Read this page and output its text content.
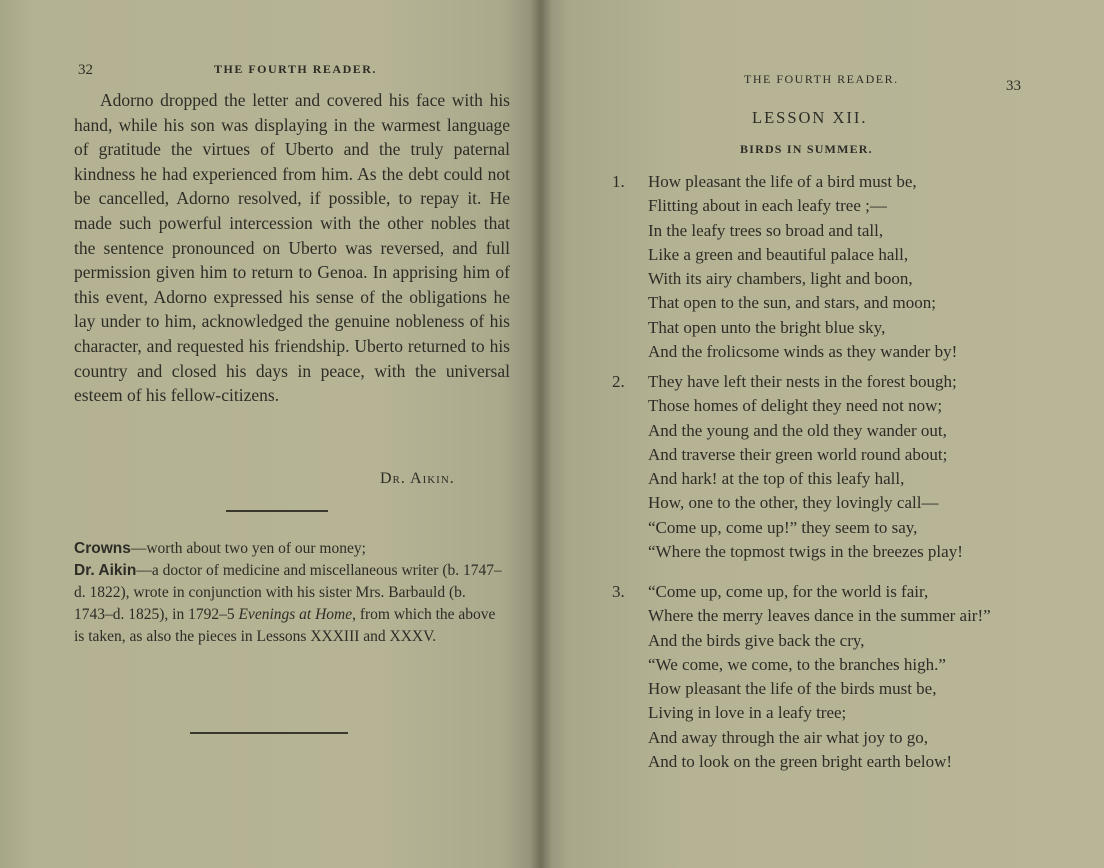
32	THE FOURTH READER.

Adorno dropped the letter and covered his face with his hand, while his son was displaying in the warmest language of gratitude the virtues of Uberto and the truly paternal kindness he had experienced from him. As the debt could not be cancelled, Adorno resolved, if possible, to repay it. He made such powerful intercession with the other nobles that the sentence pronounced on Uberto was reversed, and full permission given him to return to Genoa. In apprising him of this event, Adorno expressed his sense of the obligations he lay under to him, acknowledged the genuine nobleness of his character, and requested his friendship. Uberto returned to his country and closed his days in peace, with the universal esteem of his fellow-citizens.

Dr. Aikin.

Crowns—worth about two yen of our money;

Dr. Aikin—a doctor of medicine and miscellaneous writer (b. 1747–d. 1822), wrote in conjunction with his sister Mrs. Barbauld (b. 1743–d. 1825), in 1792–5 Evenings at Home, from which the above is taken, as also the pieces in Lessons XXXIII and XXXV.

THE FOURTH READER.	33
LESSON XII.
BIRDS IN SUMMER.
1.	How pleasant the life of a bird must be,
Flitting about in each leafy tree ;—
In the leafy trees so broad and tall,
Like a green and beautiful palace hall,
With its airy chambers, light and boon,
That open to the sun, and stars, and moon;
That open unto the bright blue sky,
And the frolicsome winds as they wander by!
2.	They have left their nests in the forest bough;
Those homes of delight they need not now;
And the young and the old they wander out,
And traverse their green world round about;
And hark! at the top of this leafy hall,
How, one to the other, they lovingly call—
“Come up, come up!” they seem to say,
“Where the topmost twigs in the breezes play!
3.	“Come up, come up, for the world is fair,
Where the merry leaves dance in the summer air!”
And the birds give back the cry,
“We come, we come, to the branches high.”
How pleasant the life of the birds must be,
Living in love in a leafy tree;
And away through the air what joy to go,
And to look on the green bright earth below!
